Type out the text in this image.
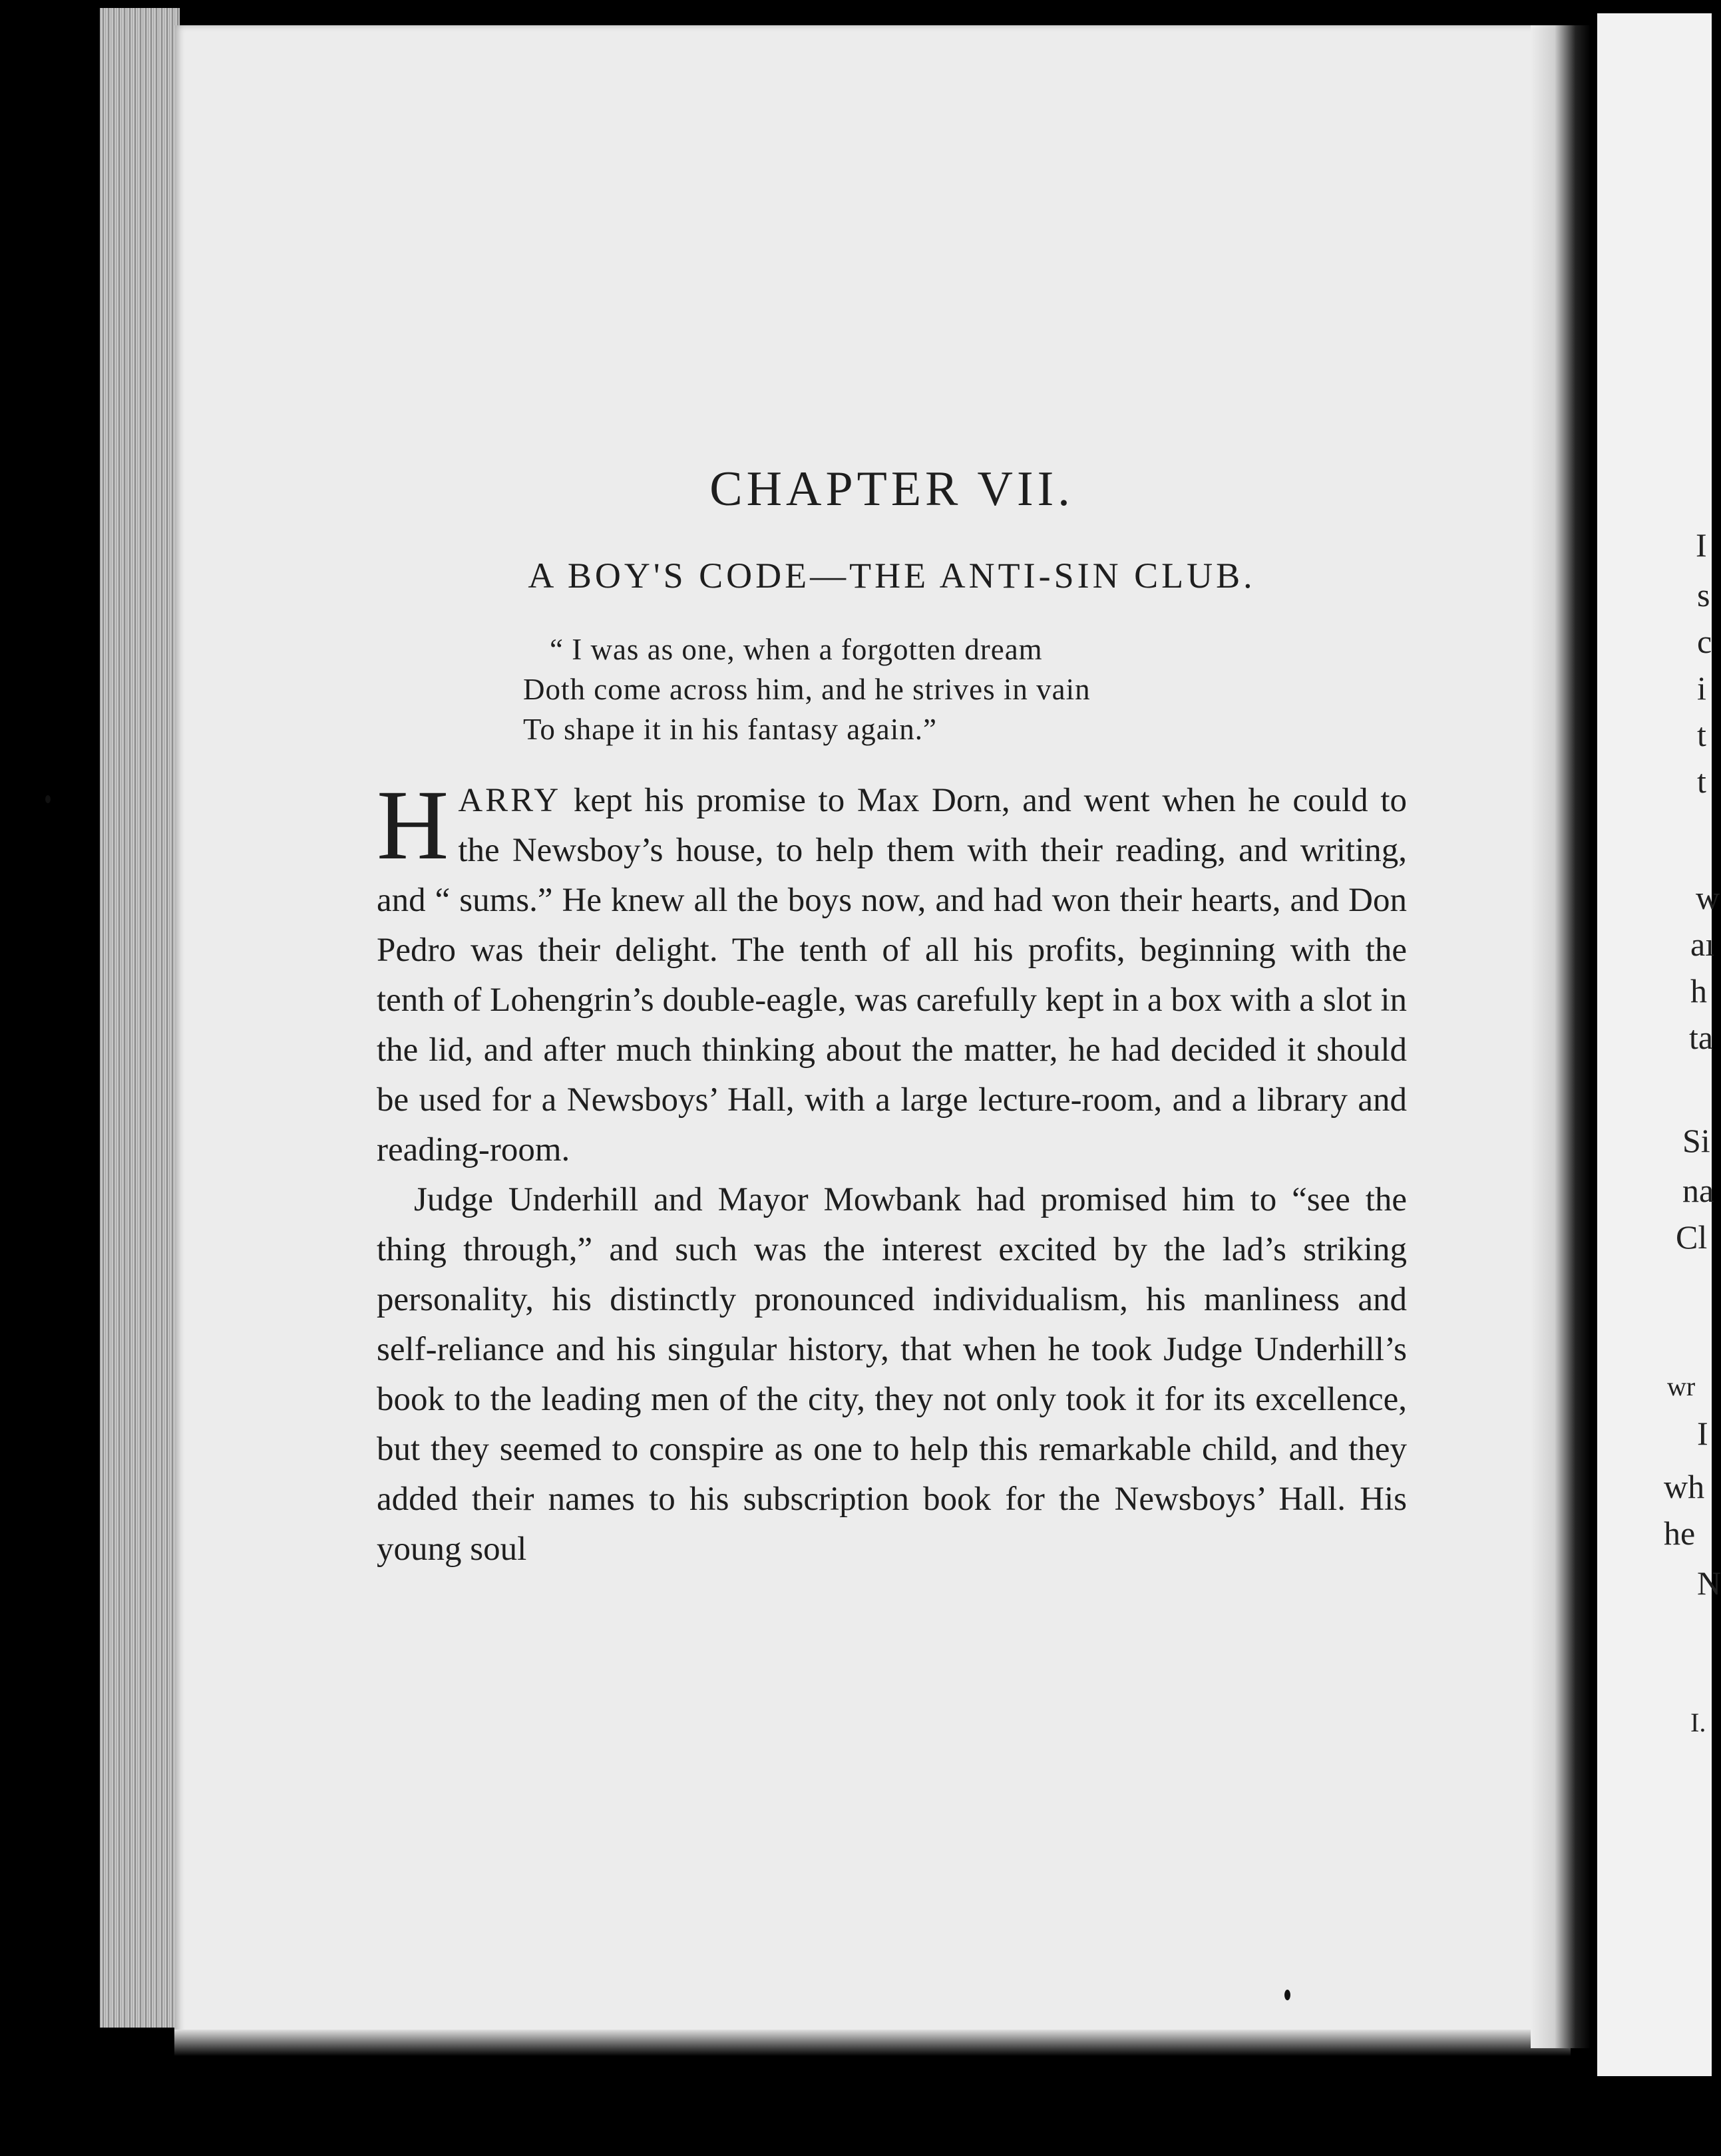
I
s
c
i
t
t
w
aı
h
ta
Si
na
Cl
wr
I
wh
he
N
I.
CHAPTER VII.
A BOY'S CODE—THE ANTI-SIN CLUB.
“ I was as one, when a forgotten dream
Doth come across him, and he strives in vain
To shape it in his fantasy again.”

HARRY kept his promise to Max Dorn, and went when he could to the Newsboy’s house, to help them with their reading, and writing, and “ sums.” He knew all the boys now, and had won their hearts, and Don Pedro was their delight. The tenth of all his profits, beginning with the tenth of Lohengrin’s double-eagle, was carefully kept in a box with a slot in the lid, and after much thinking about the matter, he had decided it should be used for a Newsboys’ Hall, with a large lecture-room, and a library and reading-room.

Judge Underhill and Mayor Mowbank had promised him to “see the thing through,” and such was the interest excited by the lad’s striking personality, his distinctly pronounced individualism, his manliness and self-reliance and his singular history, that when he took Judge Underhill’s book to the leading men of the city, they not only took it for its excellence, but they seemed to conspire as one to help this remarkable child, and they added their names to his subscription book for the Newsboys’ Hall. His young soul
